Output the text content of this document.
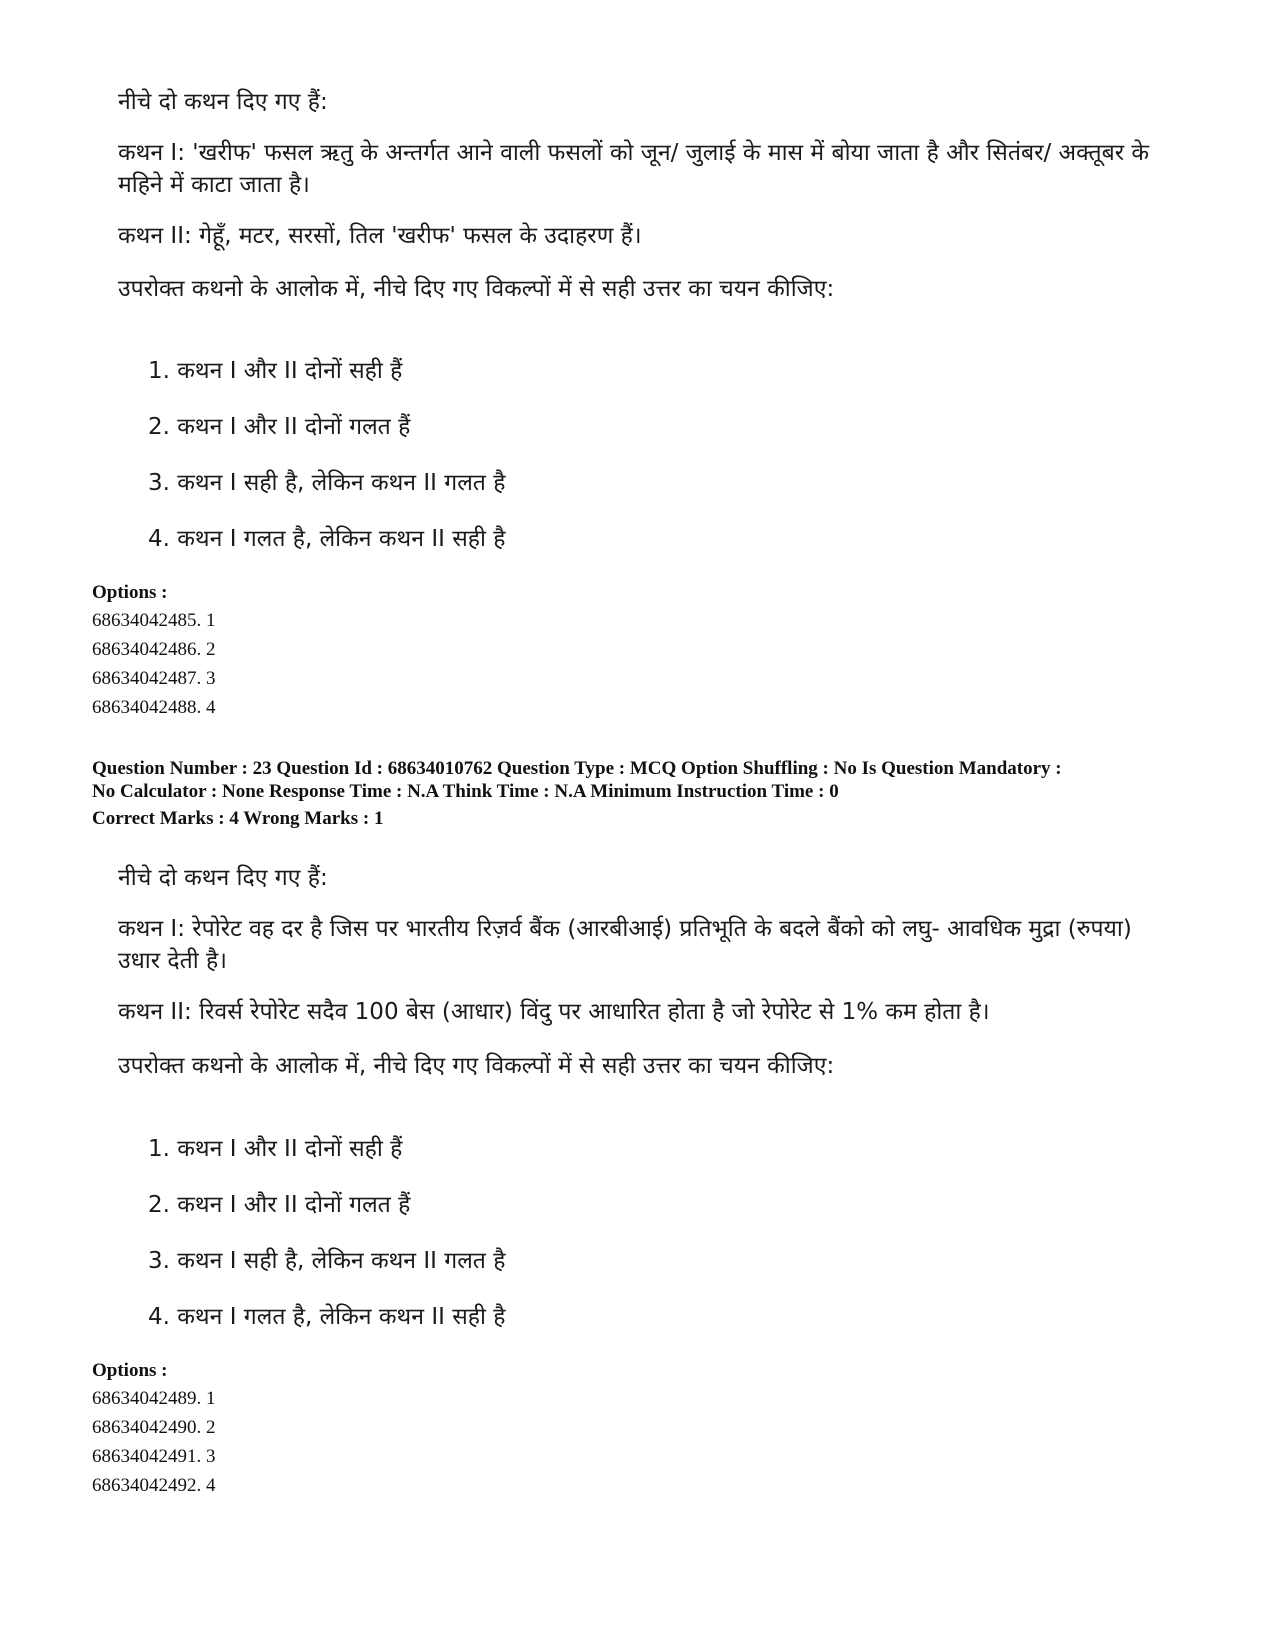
नीचे दो कथन दिए गए हैं:

कथन I: 'खरीफ' फसल ऋतु के अन्तर्गत आने वाली फसलों को जून/ जुलाई के मास में बोया जाता है और सितंबर/ अक्तूबर के महिने में काटा जाता है।

कथन II: गेहूँ, मटर, सरसों, तिल 'खरीफ' फसल के उदाहरण हैं।

उपरोक्त कथनो के आलोक में, नीचे दिए गए विकल्पों में से सही उत्तर का चयन कीजिए:

1. कथन I और II दोनों सही हैं

2. कथन I और II दोनों गलत हैं

3. कथन I सही है, लेकिन कथन II गलत है

4. कथन I गलत है, लेकिन कथन II सही है

Options :

68634042485. 1
68634042486. 2
68634042487. 3
68634042488. 4

Question Number : 23 Question Id : 68634010762 Question Type : MCQ Option Shuffling : No Is Question Mandatory :

No Calculator : None Response Time : N.A Think Time : N.A Minimum Instruction Time : 0

Correct Marks : 4 Wrong Marks : 1

नीचे दो कथन दिए गए हैं:

कथन I: रेपोरेट वह दर है जिस पर भारतीय रिज़र्व बैंक (आरबीआई) प्रतिभूति के बदले बैंको को लघु- आवधिक मुद्रा (रुपया) उधार देती है।

कथन II: रिवर्स रेपोरेट सदैव 100 बेस (आधार) विंदु पर आधारित होता है जो रेपोरेट से 1% कम होता है।

उपरोक्त कथनो के आलोक में, नीचे दिए गए विकल्पों में से सही उत्तर का चयन कीजिए:

1. कथन I और II दोनों सही हैं

2. कथन I और II दोनों गलत हैं

3. कथन I सही है, लेकिन कथन II गलत है

4. कथन I गलत है, लेकिन कथन II सही है

Options :

68634042489. 1
68634042490. 2
68634042491. 3
68634042492. 4
